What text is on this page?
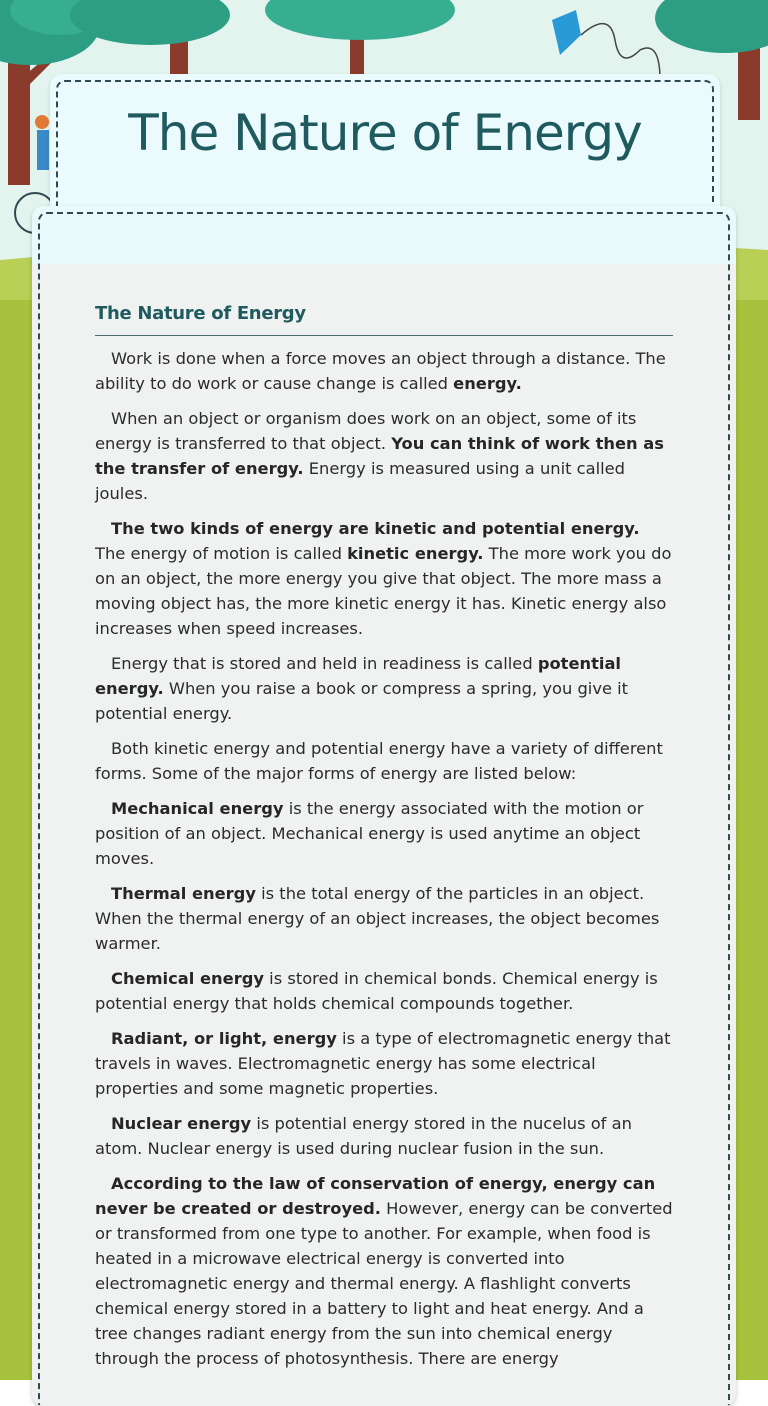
The Nature of Energy
The Nature of Energy

Work is done when a force moves an object through a distance. The ability to do work or cause change is called energy.

When an object or organism does work on an object, some of its energy is transferred to that object. You can think of work then as the transfer of energy. Energy is measured using a unit called joules.

The two kinds of energy are kinetic and potential energy. The energy of motion is called kinetic energy. The more work you do on an object, the more energy you give that object. The more mass a moving object has, the more kinetic energy it has. Kinetic energy also increases when speed increases.

Energy that is stored and held in readiness is called potential energy. When you raise a book or compress a spring, you give it potential energy.

Both kinetic energy and potential energy have a variety of different forms. Some of the major forms of energy are listed below:

Mechanical energy is the energy associated with the motion or position of an object. Mechanical energy is used anytime an object moves.

Thermal energy is the total energy of the particles in an object. When the thermal energy of an object increases, the object becomes warmer.

Chemical energy is stored in chemical bonds. Chemical energy is potential energy that holds chemical compounds together.

Radiant, or light, energy is a type of electromagnetic energy that travels in waves. Electromagnetic energy has some electrical properties and some magnetic properties.

Nuclear energy is potential energy stored in the nucelus of an atom. Nuclear energy is used during nuclear fusion in the sun.

According to the law of conservation of energy, energy can never be created or destroyed. However, energy can be converted or transformed from one type to another. For example, when food is heated in a microwave electrical energy is converted into electromagnetic energy and thermal energy. A flashlight converts chemical energy stored in a battery to light and heat energy. And a tree changes radiant energy from the sun into chemical energy through the process of photosynthesis. There are energy
